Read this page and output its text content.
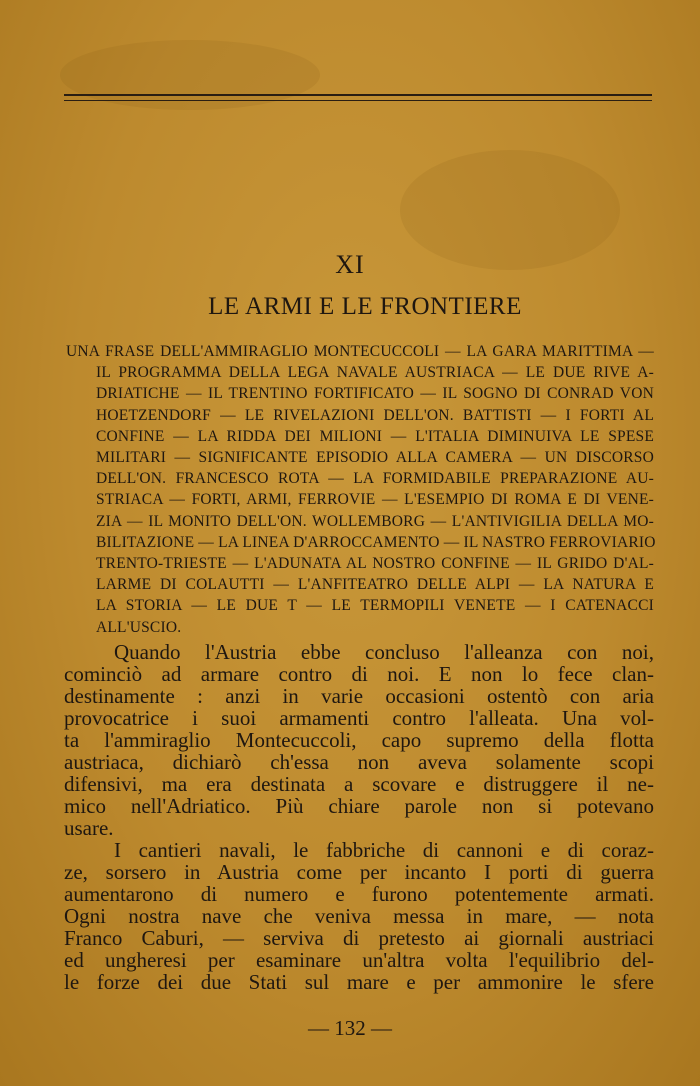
XI
LE ARMI E LE FRONTIERE
UNA FRASE DELL'AMMIRAGLIO MONTECUCCOLI — LA GARA MARITTIMA —
IL PROGRAMMA DELLA LEGA NAVALE AUSTRIACA — LE DUE RIVE A-
DRIATICHE — IL TRENTINO FORTIFICATO — IL SOGNO DI CONRAD VON
HOETZENDORF — LE RIVELAZIONI DELL'ON. BATTISTI — I FORTI AL
CONFINE — LA RIDDA DEI MILIONI — L'ITALIA DIMINUIVA LE SPESE
MILITARI — SIGNIFICANTE EPISODIO ALLA CAMERA — UN DISCORSO
DELL'ON. FRANCESCO ROTA — LA FORMIDABILE PREPARAZIONE AU-
STRIACA — FORTI, ARMI, FERROVIE — L'ESEMPIO DI ROMA E DI VENE-
ZIA — IL MONITO DELL'ON. WOLLEMBORG — L'ANTIVIGILIA DELLA MO-
BILITAZIONE — LA LINEA D'ARROCCAMENTO — IL NASTRO FERROVIARIO
TRENTO-TRIESTE — L'ADUNATA AL NOSTRO CONFINE — IL GRIDO D'AL-
LARME DI COLAUTTI — L'ANFITEATRO DELLE ALPI — LA NATURA E
LA STORIA — LE DUE T — LE TERMOPILI VENETE — I CATENACCI
ALL'USCIO.
Quando l'Austria ebbe concluso l'alleanza con noi,
cominciò ad armare contro di noi. E non lo fece clan-
destinamente : anzi in varie occasioni ostentò con aria
provocatrice i suoi armamenti contro l'alleata. Una vol-
ta l'ammiraglio Montecuccoli, capo supremo della flotta
austriaca, dichiarò ch'essa non aveva solamente scopi
difensivi, ma era destinata a scovare e distruggere il ne-
mico nell'Adriatico. Più chiare parole non si potevano
usare.
I cantieri navali, le fabbriche di cannoni e di coraz-
ze, sorsero in Austria come per incanto I porti di guerra
aumentarono di numero e furono potentemente armati.
Ogni nostra nave che veniva messa in mare, — nota
Franco Caburi, — serviva di pretesto ai giornali austriaci
ed ungheresi per esaminare un'altra volta l'equilibrio del-
le forze dei due Stati sul mare e per ammonire le sfere
— 132 —
